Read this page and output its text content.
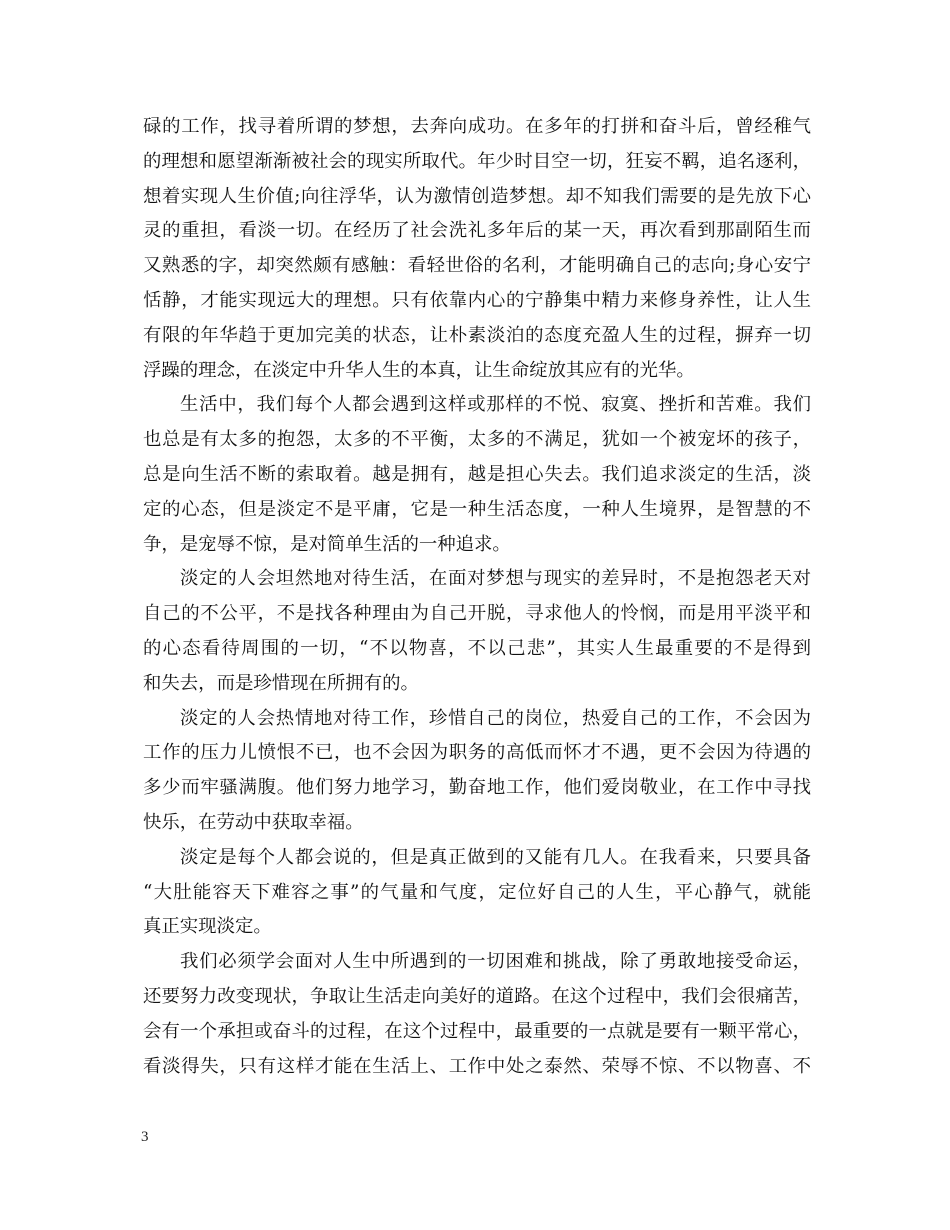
碌的工作，找寻着所谓的梦想，去奔向成功。在多年的打拼和奋斗后，曾经稚气
的理想和愿望渐渐被社会的现实所取代。年少时目空一切，狂妄不羁，追名逐利，
想着实现人生价值;向往浮华，认为激情创造梦想。却不知我们需要的是先放下心
灵的重担，看淡一切。在经历了社会洗礼多年后的某一天，再次看到那副陌生而
又熟悉的字，却突然颇有感触：看轻世俗的名利，才能明确自己的志向;身心安宁
恬静，才能实现远大的理想。只有依靠内心的宁静集中精力来修身养性，让人生
有限的年华趋于更加完美的状态，让朴素淡泊的态度充盈人生的过程，摒弃一切
浮躁的理念，在淡定中升华人生的本真，让生命绽放其应有的光华。
生活中，我们每个人都会遇到这样或那样的不悦、寂寞、挫折和苦难。我们
也总是有太多的抱怨，太多的不平衡，太多的不满足，犹如一个被宠坏的孩子，
总是向生活不断的索取着。越是拥有，越是担心失去。我们追求淡定的生活，淡
定的心态，但是淡定不是平庸，它是一种生活态度，一种人生境界，是智慧的不
争，是宠辱不惊，是对简单生活的一种追求。
淡定的人会坦然地对待生活，在面对梦想与现实的差异时，不是抱怨老天对
自己的不公平，不是找各种理由为自己开脱，寻求他人的怜悯，而是用平淡平和
的心态看待周围的一切，“不以物喜，不以己悲”，其实人生最重要的不是得到
和失去，而是珍惜现在所拥有的。
淡定的人会热情地对待工作，珍惜自己的岗位，热爱自己的工作，不会因为
工作的压力儿愤恨不已，也不会因为职务的高低而怀才不遇，更不会因为待遇的
多少而牢骚满腹。他们努力地学习，勤奋地工作，他们爱岗敬业，在工作中寻找
快乐，在劳动中获取幸福。
淡定是每个人都会说的，但是真正做到的又能有几人。在我看来，只要具备
“大肚能容天下难容之事”的气量和气度，定位好自己的人生，平心静气，就能
真正实现淡定。
我们必须学会面对人生中所遇到的一切困难和挑战，除了勇敢地接受命运，
还要努力改变现状，争取让生活走向美好的道路。在这个过程中，我们会很痛苦，
会有一个承担或奋斗的过程，在这个过程中，最重要的一点就是要有一颗平常心，
看淡得失，只有这样才能在生活上、工作中处之泰然、荣辱不惊、不以物喜、不
3
